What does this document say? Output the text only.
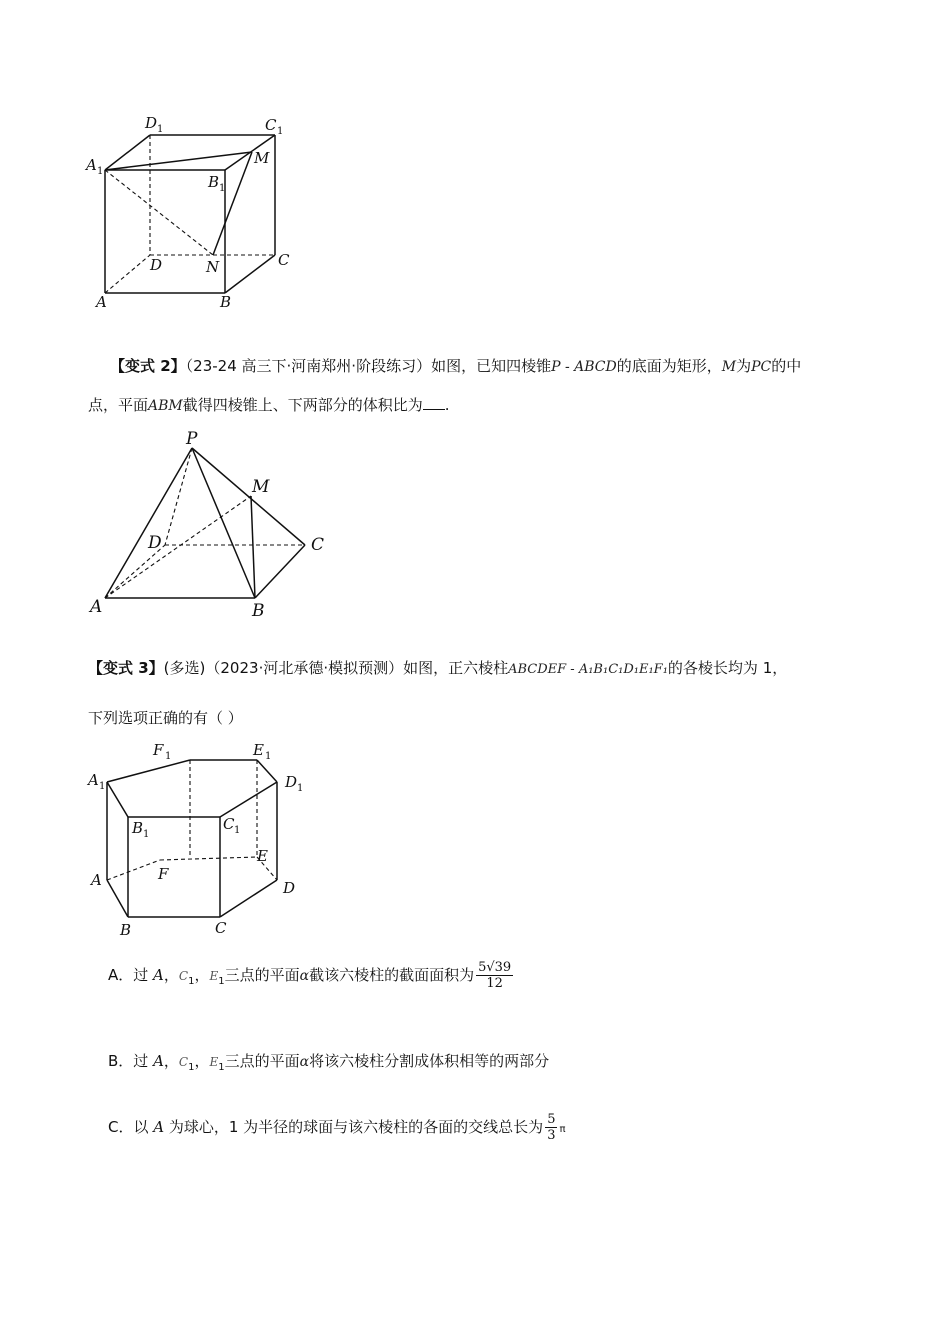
D 1	C 1
A 1
B 1
M
D	N	C
A	B
【变式 2】（23-24 高三下·河南郑州·阶段练习）如图，已知四棱锥P - ABCD的底面为矩形，M为PC的中
点，平面ABM截得四棱锥上、下两部分的体积比为 .
P
M
D	C
A	B
【变式 3】(多选)（2023·河北承德·模拟预测）如图，正六棱柱ABCDEF - A₁B₁C₁D₁E₁F₁的各棱长均为 1，
下列选项正确的有（ ）
F 1	E 1
A 1	D 1
B 1
C 1
E
A	F
D
B	C
A．过 A，$C_1$，$E_1$三点的平面α截该六棱柱的截面面积为 $\frac{5√39}{12}$
B．过 A，$C_1$，$E_1$三点的平面α将该六棱柱分割成体积相等的两部分
C．以 A 为球心，1 为半径的球面与该六棱柱的各面的交线总长为 $\frac{5}{3}$ π
